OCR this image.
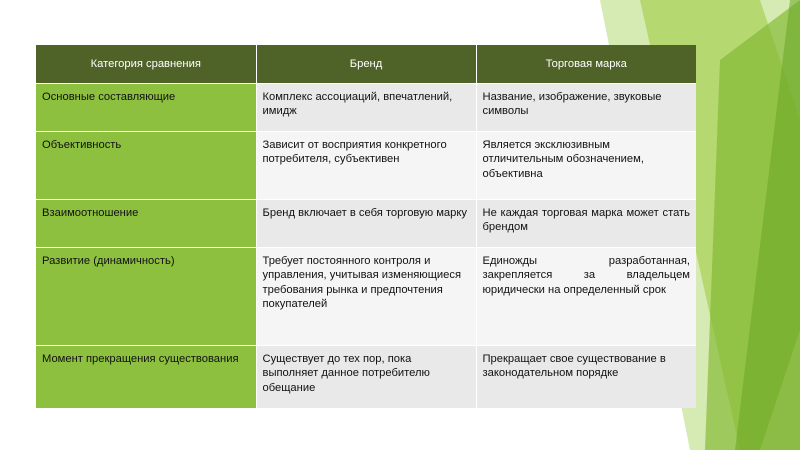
Категория сравнения	Бренд	Торговая марка
Основные составляющие	Комплекс ассоциаций, впечатлений, имидж	Название, изображение, звуковые символы
Объективность	Зависит от восприятия конкретного потребителя, субъективен	Является эксклюзивным отличительным обозначением, объективна
Взаимоотношение	Бренд включает в себя торговую марку	Не каждая торговая марка может стать брендом
Развитие (динамичность)	Требует постоянного контроля и управления, учитывая изменяющиеся требования рынка и предпочтения покупателей	Единожды разработанная, закрепляется за владельцем юридически на определенный срок
Момент прекращения существования	Существует до тех пор, пока выполняет данное потребителю обещание	Прекращает свое существование в законодательном порядке
